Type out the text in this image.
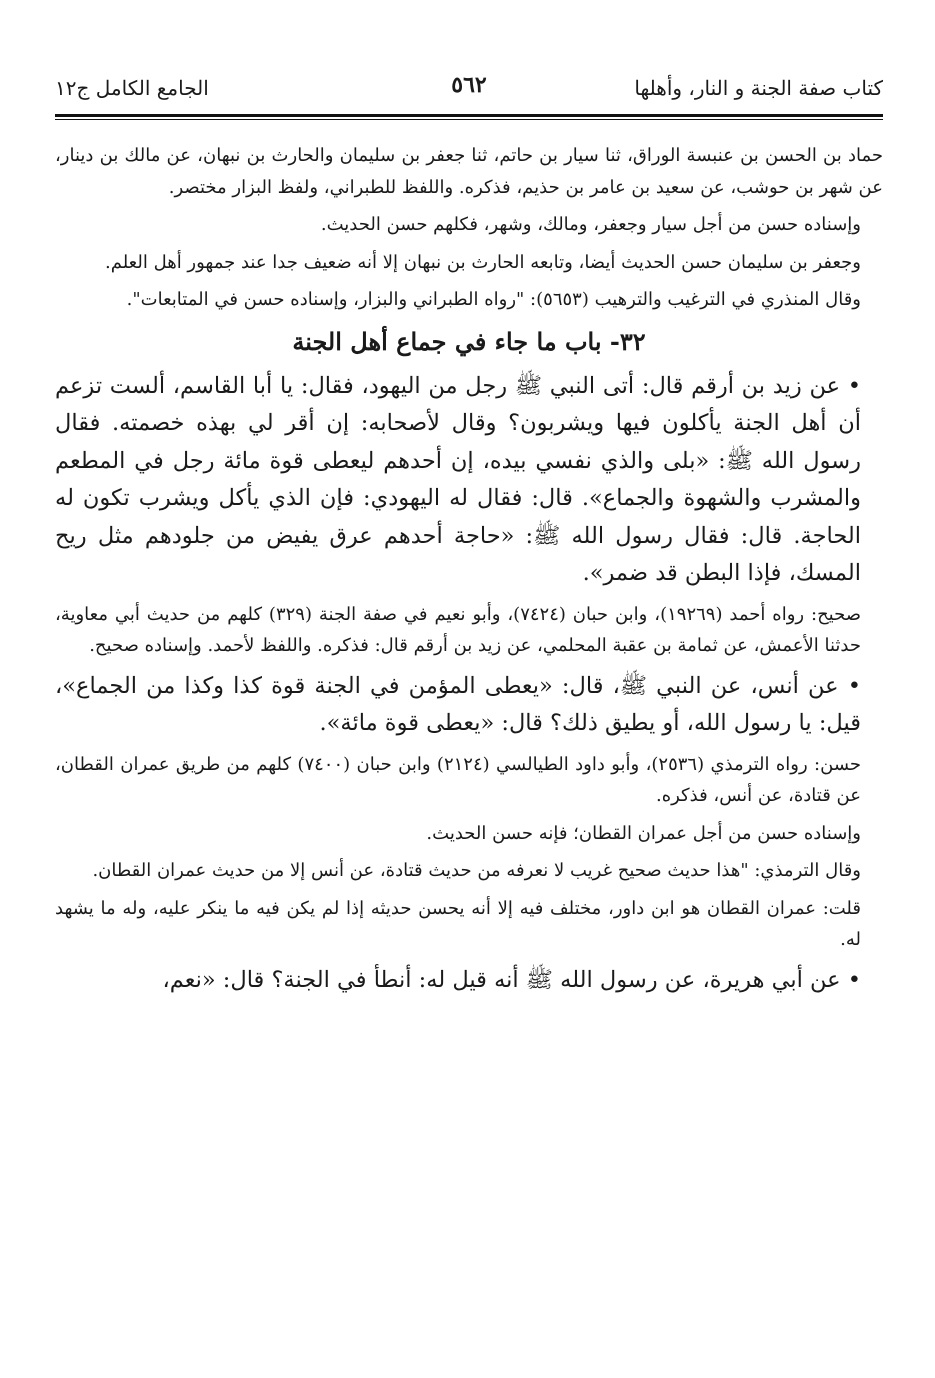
كتاب صفة الجنة و النار، وأهلها
٥٦٢
الجامع الكامل ج١٢

حماد بن الحسن بن عنبسة الوراق، ثنا سيار بن حاتم، ثنا جعفر بن سليمان والحارث بن نبهان، عن مالك بن دينار، عن شهر بن حوشب، عن سعيد بن عامر بن حذيم، فذكره. واللفظ للطبراني، ولفظ البزار مختصر.

وإسناده حسن من أجل سيار وجعفر، ومالك، وشهر، فكلهم حسن الحديث.

وجعفر بن سليمان حسن الحديث أيضا، وتابعه الحارث بن نبهان إلا أنه ضعيف جدا عند جمهور أهل العلم.

وقال المنذري في الترغيب والترهيب (٥٦٥٣): "رواه الطبراني والبزار، وإسناده حسن في المتابعات".

٣٢- باب ما جاء في جماع أهل الجنة

• عن زيد بن أرقم قال: أتى النبي ﷺ رجل من اليهود، فقال: يا أبا القاسم، ألست تزعم أن أهل الجنة يأكلون فيها ويشربون؟ وقال لأصحابه: إن أقر لي بهذه خصمته. فقال رسول الله ﷺ: «بلى والذي نفسي بيده، إن أحدهم ليعطى قوة مائة رجل في المطعم والمشرب والشهوة والجماع». قال: فقال له اليهودي: فإن الذي يأكل ويشرب تكون له الحاجة. قال: فقال رسول الله ﷺ: «حاجة أحدهم عرق يفيض من جلودهم مثل ريح المسك، فإذا البطن قد ضمر».

صحيح: رواه أحمد (١٩٢٦٩)، وابن حبان (٧٤٢٤)، وأبو نعيم في صفة الجنة (٣٢٩) كلهم من حديث أبي معاوية، حدثنا الأعمش، عن ثمامة بن عقبة المحلمي، عن زيد بن أرقم قال: فذكره. واللفظ لأحمد. وإسناده صحيح.

• عن أنس، عن النبي ﷺ، قال: «يعطى المؤمن في الجنة قوة كذا وكذا من الجماع»، قيل: يا رسول الله، أو يطيق ذلك؟ قال: «يعطى قوة مائة».

حسن: رواه الترمذي (٢٥٣٦)، وأبو داود الطيالسي (٢١٢٤) وابن حبان (٧٤٠٠) كلهم من طريق عمران القطان، عن قتادة، عن أنس، فذكره.

وإسناده حسن من أجل عمران القطان؛ فإنه حسن الحديث.

وقال الترمذي: "هذا حديث صحيح غريب لا نعرفه من حديث قتادة، عن أنس إلا من حديث عمران القطان.

قلت: عمران القطان هو ابن داور، مختلف فيه إلا أنه يحسن حديثه إذا لم يكن فيه ما ينكر عليه، وله ما يشهد له.

• عن أبي هريرة، عن رسول الله ﷺ أنه قيل له: أنطأ في الجنة؟ قال: «نعم،
